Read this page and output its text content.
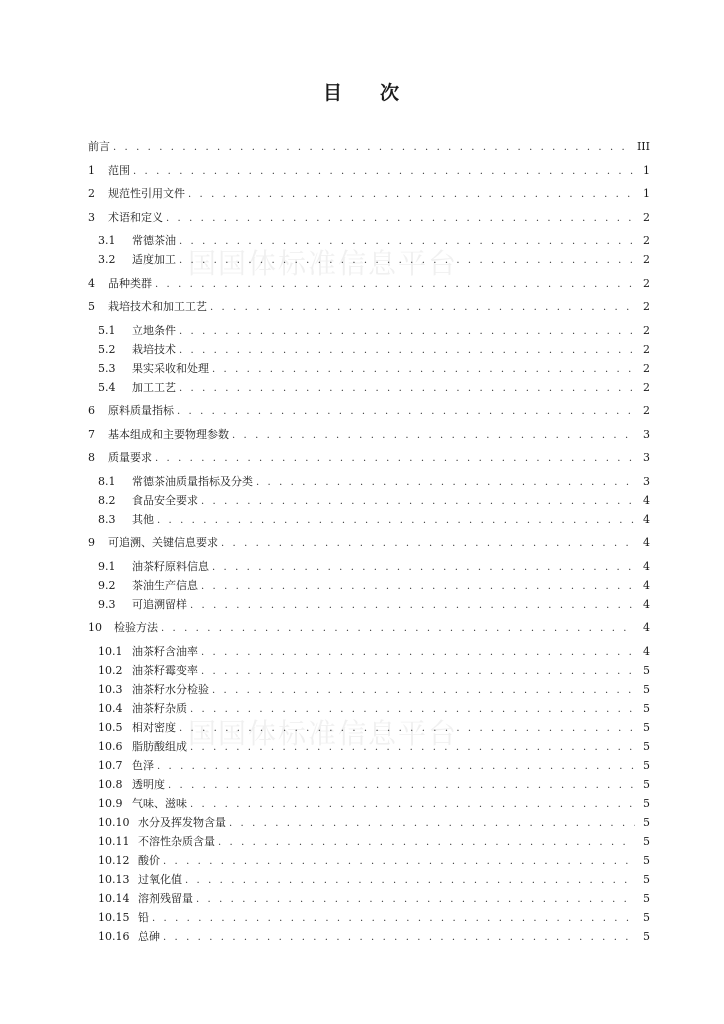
目 次
国国体标准信息平台
国国体标准信息平台
前言 . . .	III
1	范围 . . .	1
2	规范性引用文件 . . .	1
3	术语和定义 . . .	2
3.1	常德茶油 . . .	2
3.2	适度加工 . . .	2
4	品种类群 . . .	2
5	栽培技术和加工工艺 . . .	2
5.1	立地条件 . . .	2
5.2	栽培技术 . . .	2
5.3	果实采收和处理 . . .	2
5.4	加工工艺 . . .	2
6	原料质量指标 . . .	2
7	基本组成和主要物理参数 . . .	3
8	质量要求 . . .	3
8.1	常德茶油质量指标及分类 . . .	3
8.2	食品安全要求 . . .	4
8.3	其他 . . .	4
9	可追溯、关键信息要求 . . .	4
9.1	油茶籽原料信息 . . .	4
9.2	茶油生产信息 . . .	4
9.3	可追溯留样 . . .	4
10	检验方法 . . .	4
10.1 油茶籽含油率 . . .	4
10.2 油茶籽霉变率 . . .	5
10.3 油茶籽水分检验 . . .	5
10.4 油茶籽杂质 . . .	5
10.5 相对密度 . . .	5
10.6 脂肪酸组成 . . .	5
10.7 色泽 . . .	5
10.8 透明度 . . .	5
10.9 气味、滋味 . . .	5
10.10 水分及挥发物含量 . . .	5
10.11 不溶性杂质含量 . . .	5
10.12 酸价 . . .	5
10.13 过氧化值 . . .	5
10.14 溶剂残留量 . . .	5
10.15 铅 . . .	5
10.16 总砷 . . .	5
